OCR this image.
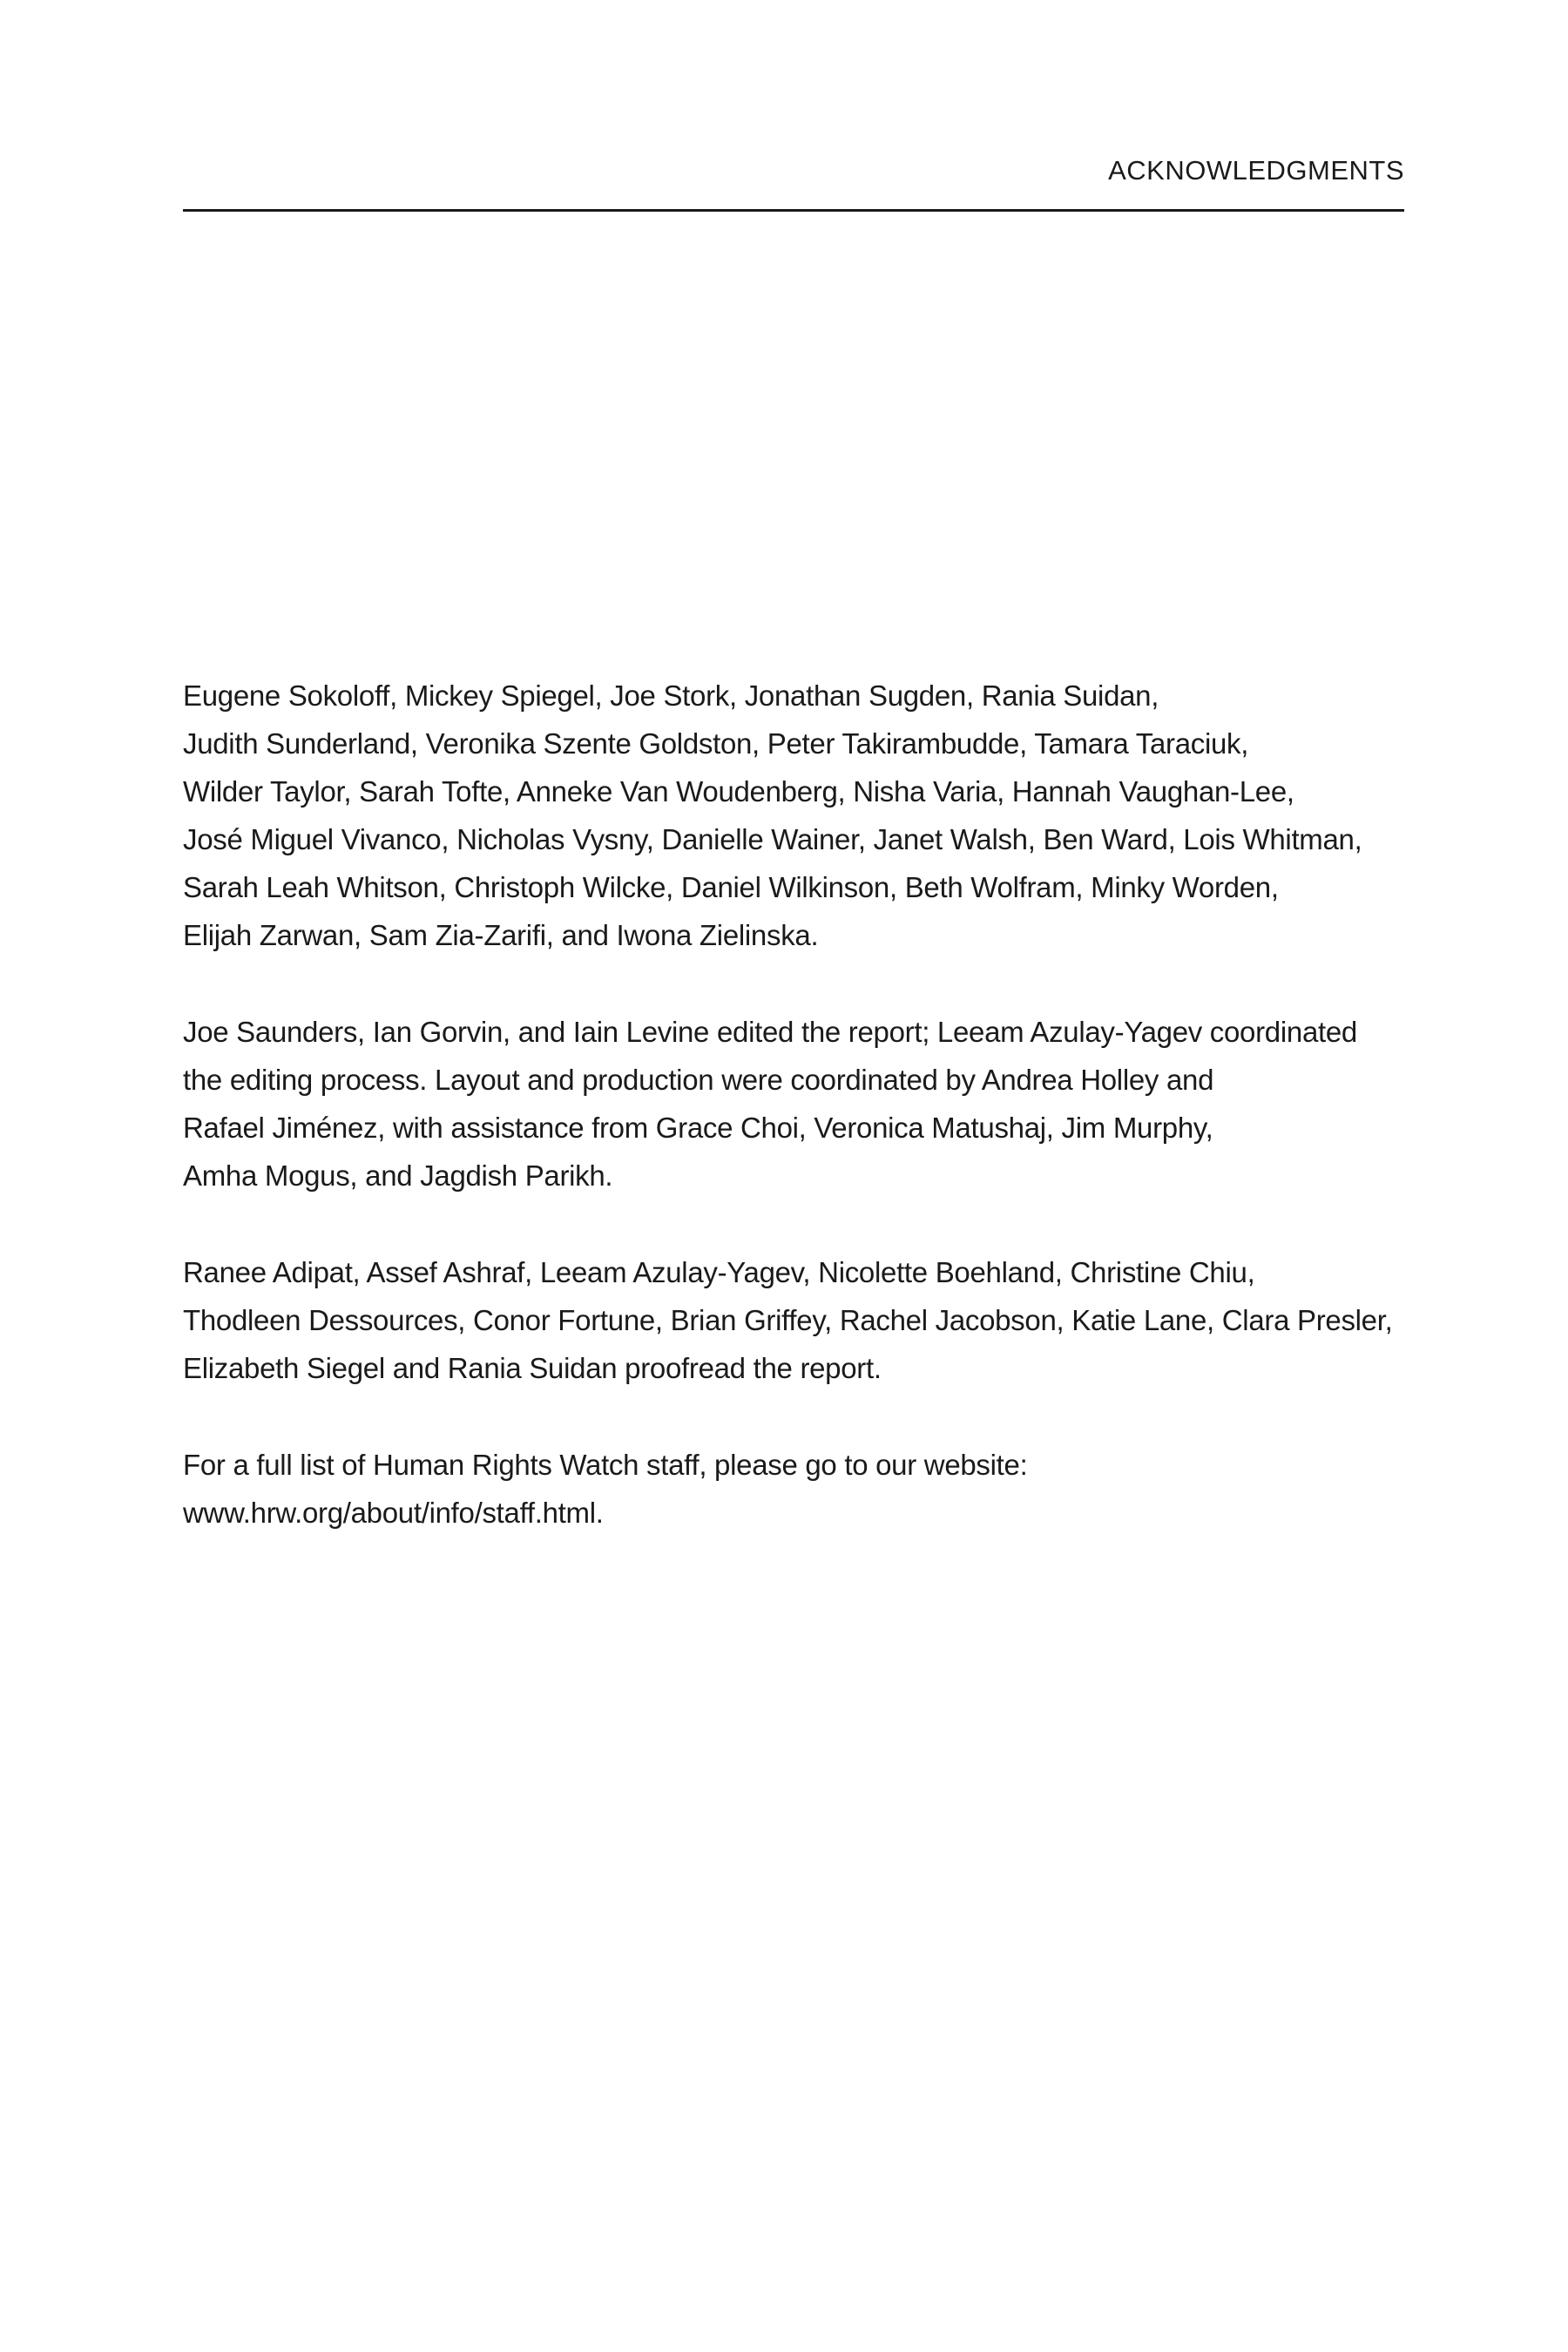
ACKNOWLEDGMENTS

Eugene Sokoloff, Mickey Spiegel, Joe Stork, Jonathan Sugden, Rania Suidan,
Judith Sunderland, Veronika Szente Goldston, Peter Takirambudde, Tamara Taraciuk,
Wilder Taylor, Sarah Tofte, Anneke Van Woudenberg, Nisha Varia, Hannah Vaughan-Lee,
José Miguel Vivanco, Nicholas Vysny, Danielle Wainer, Janet Walsh, Ben Ward, Lois Whitman,
Sarah Leah Whitson, Christoph Wilcke, Daniel Wilkinson, Beth Wolfram, Minky Worden,
Elijah Zarwan, Sam Zia-Zarifi, and Iwona Zielinska.

Joe Saunders, Ian Gorvin, and Iain Levine edited the report; Leeam Azulay-Yagev coordinated
the editing process. Layout and production were coordinated by Andrea Holley and
Rafael Jiménez, with assistance from Grace Choi, Veronica Matushaj, Jim Murphy,
Amha Mogus, and Jagdish Parikh.

Ranee Adipat, Assef Ashraf, Leeam Azulay-Yagev, Nicolette Boehland, Christine Chiu,
Thodleen Dessources, Conor Fortune, Brian Griffey, Rachel Jacobson, Katie Lane, Clara Presler,
Elizabeth Siegel and Rania Suidan proofread the report.

For a full list of Human Rights Watch staff, please go to our website:
www.hrw.org/about/info/staff.html.
